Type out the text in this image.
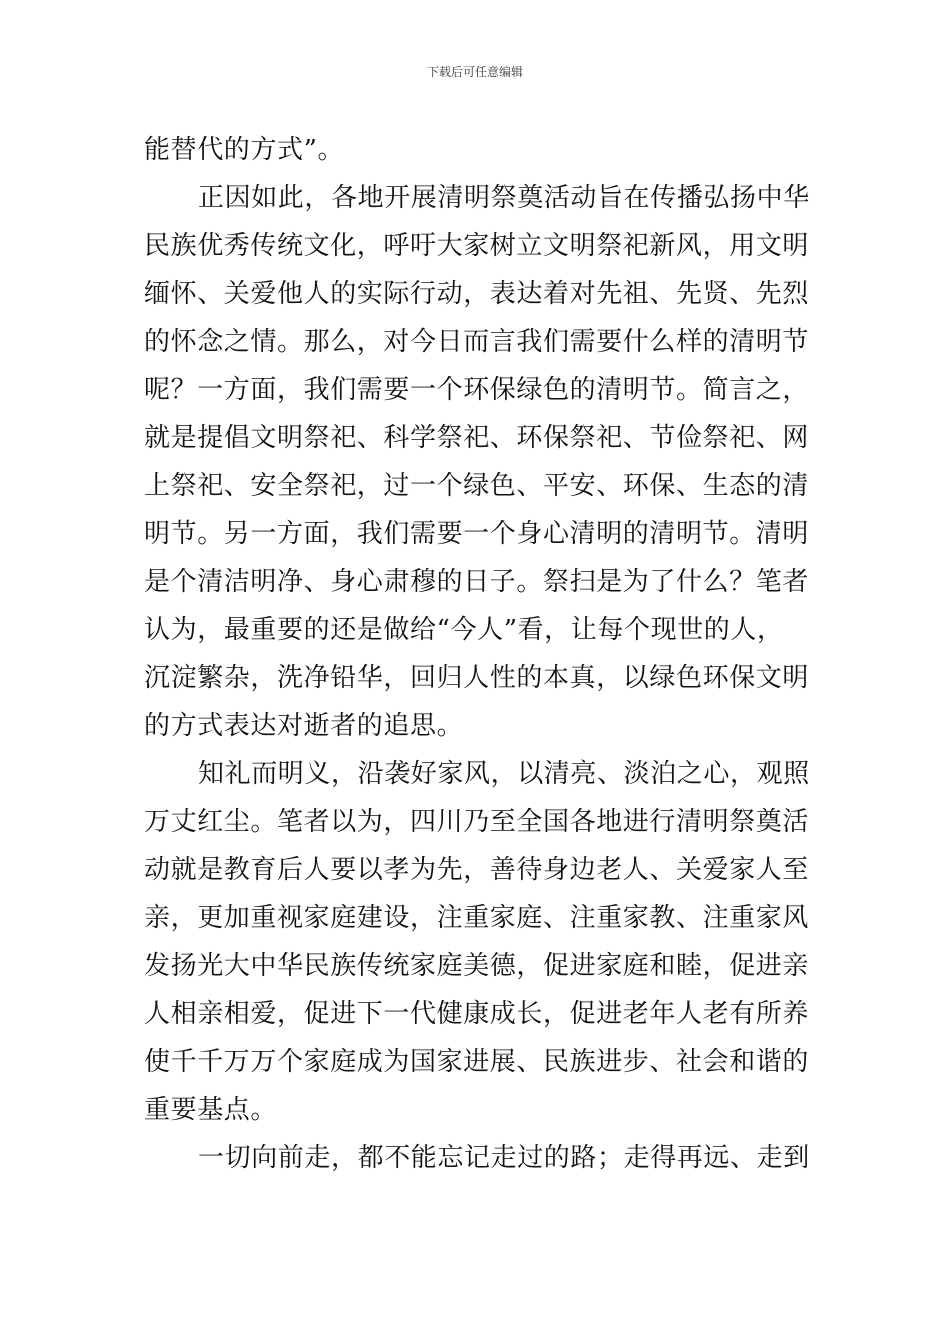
下载后可任意编辑
能替代的方式”。
正因如此，各地开展清明祭奠活动旨在传播弘扬中华
民族优秀传统文化，呼吁大家树立文明祭祀新风，用文明
缅怀、关爱他人的实际行动，表达着对先祖、先贤、先烈
的怀念之情。那么，对今日而言我们需要什么样的清明节
呢？一方面，我们需要一个环保绿色的清明节。简言之，
就是提倡文明祭祀、科学祭祀、环保祭祀、节俭祭祀、网
上祭祀、安全祭祀，过一个绿色、平安、环保、生态的清
明节。另一方面，我们需要一个身心清明的清明节。清明
是个清洁明净、身心肃穆的日子。祭扫是为了什么？笔者
认为，最重要的还是做给“今人”看，让每个现世的人，
沉淀繁杂，洗净铅华，回归人性的本真，以绿色环保文明
的方式表达对逝者的追思。
知礼而明义，沿袭好家风，以清亮、淡泊之心，观照
万丈红尘。笔者以为，四川乃至全国各地进行清明祭奠活
动就是教育后人要以孝为先，善待身边老人、关爱家人至
亲，更加重视家庭建设，注重家庭、注重家教、注重家风
发扬光大中华民族传统家庭美德，促进家庭和睦，促进亲
人相亲相爱，促进下一代健康成长，促进老年人老有所养
使千千万万个家庭成为国家进展、民族进步、社会和谐的
重要基点。
一切向前走，都不能忘记走过的路；走得再远、走到
